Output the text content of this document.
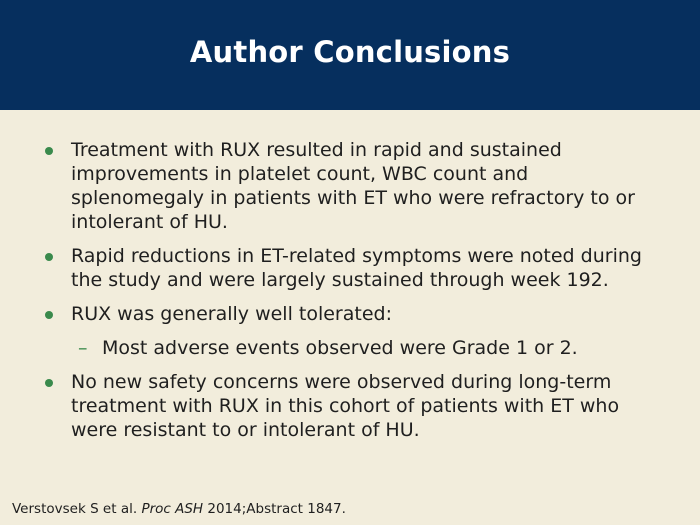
Author Conclusions
Treatment with RUX resulted in rapid and sustained improvements in platelet count, WBC count and splenomegaly in patients with ET who were refractory to or intolerant of HU.
Rapid reductions in ET-related symptoms were noted during the study and were largely sustained through week 192.
RUX was generally well tolerated:
– Most adverse events observed were Grade 1 or 2.
No new safety concerns were observed during long-term treatment with RUX in this cohort of patients with ET who were resistant to or intolerant of HU.
Verstovsek S et al. Proc ASH 2014;Abstract 1847.
